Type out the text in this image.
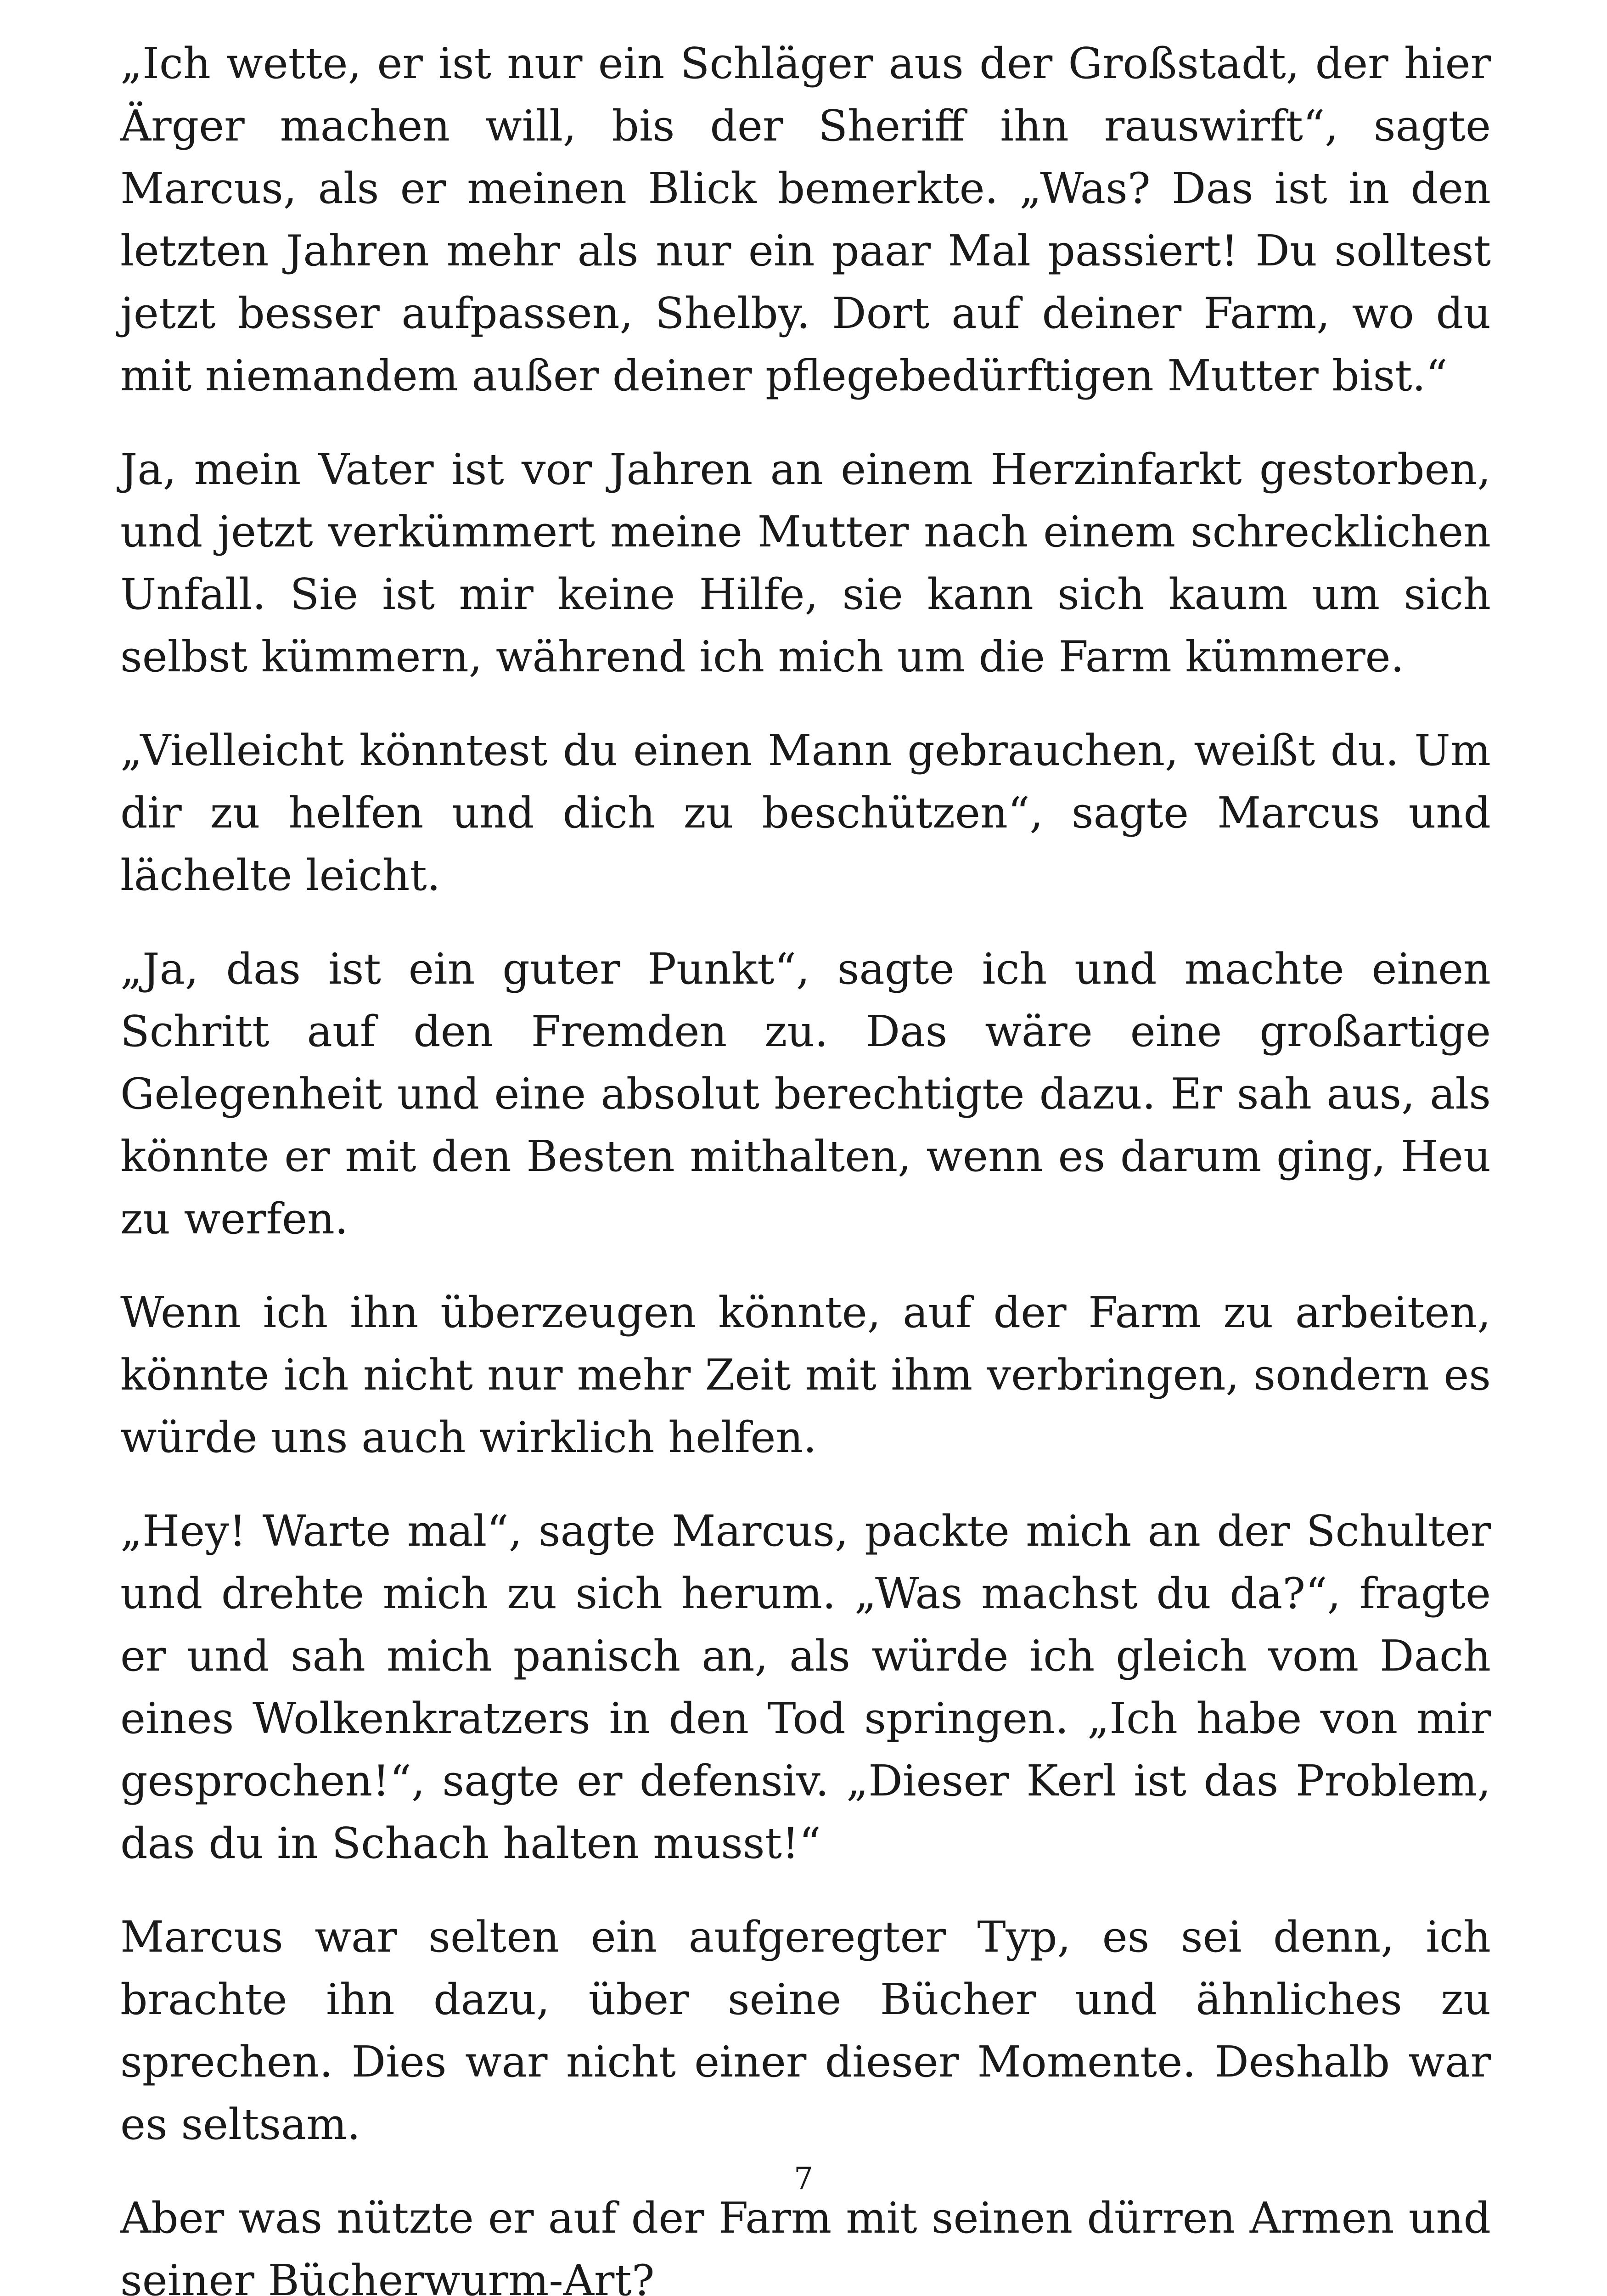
„Ich wette, er ist nur ein Schläger aus der Großstadt, der hier Ärger machen will, bis der Sheriff ihn rauswirft“, sagte Marcus, als er meinen Blick bemerkte. „Was? Das ist in den letzten Jahren mehr als nur ein paar Mal passiert! Du solltest jetzt besser aufpassen, Shelby. Dort auf deiner Farm, wo du mit niemandem außer deiner pflegebedürftigen Mutter bist.“

Ja, mein Vater ist vor Jahren an einem Herzinfarkt gestorben, und jetzt verkümmert meine Mutter nach einem schrecklichen Unfall. Sie ist mir keine Hilfe, sie kann sich kaum um sich selbst kümmern, während ich mich um die Farm kümmere.

„Vielleicht könntest du einen Mann gebrauchen, weißt du. Um dir zu helfen und dich zu beschützen“, sagte Marcus und lächelte leicht.

„Ja, das ist ein guter Punkt“, sagte ich und machte einen Schritt auf den Fremden zu. Das wäre eine großartige Gelegenheit und eine absolut berechtigte dazu. Er sah aus, als könnte er mit den Besten mithalten, wenn es darum ging, Heu zu werfen.

Wenn ich ihn überzeugen könnte, auf der Farm zu arbeiten, könnte ich nicht nur mehr Zeit mit ihm verbringen, sondern es würde uns auch wirklich helfen.

„Hey! Warte mal“, sagte Marcus, packte mich an der Schulter und drehte mich zu sich herum. „Was machst du da?“, fragte er und sah mich panisch an, als würde ich gleich vom Dach eines Wolkenkratzers in den Tod springen. „Ich habe von mir gesprochen!“, sagte er defensiv. „Dieser Kerl ist das Problem, das du in Schach halten musst!“

Marcus war selten ein aufgeregter Typ, es sei denn, ich brachte ihn dazu, über seine Bücher und ähnliches zu sprechen. Dies war nicht einer dieser Momente. Deshalb war es seltsam.

Aber was nützte er auf der Farm mit seinen dürren Armen und seiner Bücherwurm-Art?

7
